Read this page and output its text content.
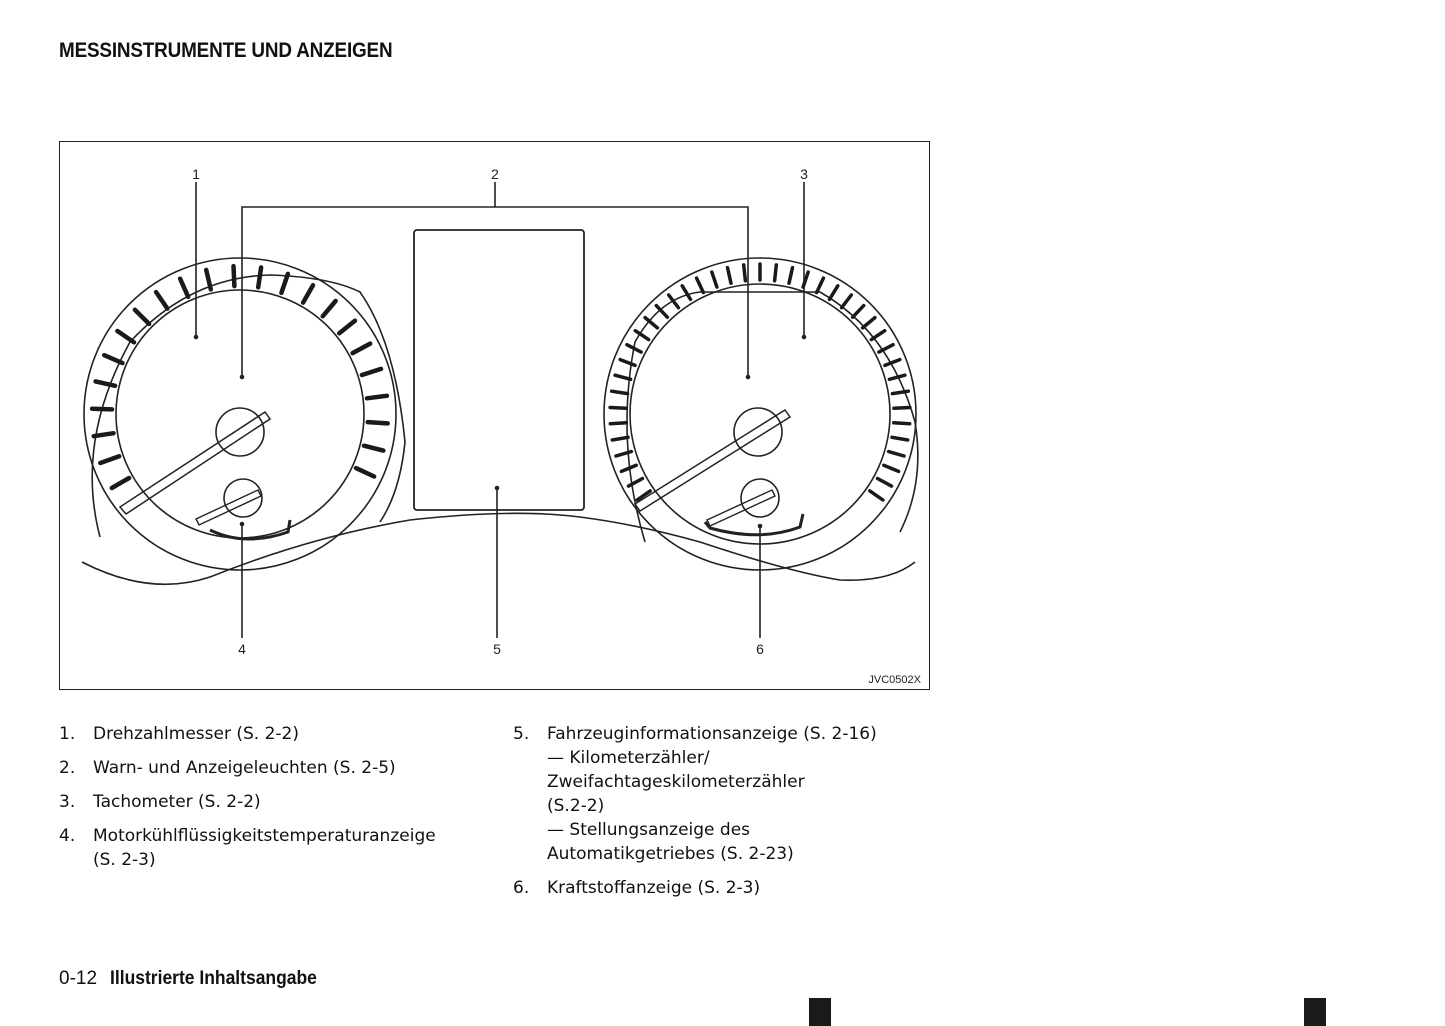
MESSINSTRUMENTE UND ANZEIGEN
1	2	3
4	5	6
JVC0502X
1.	Drehzahlmesser (S. 2-2)
2.	Warn- und Anzeigeleuchten (S. 2-5)
3.	Tachometer (S. 2-2)
4.	Motorkühlflüssigkeitstemperaturanzeige
(S. 2-3)
5.	Fahrzeuginformationsanzeige (S. 2-16)
— Kilometerzähler/
Zweifachtageskilometerzähler
(S.2-2)
— Stellungsanzeige des
Automatikgetriebes (S. 2-23)
6.	Kraftstoffanzeige (S. 2-3)
0-12 Illustrierte Inhaltsangabe
